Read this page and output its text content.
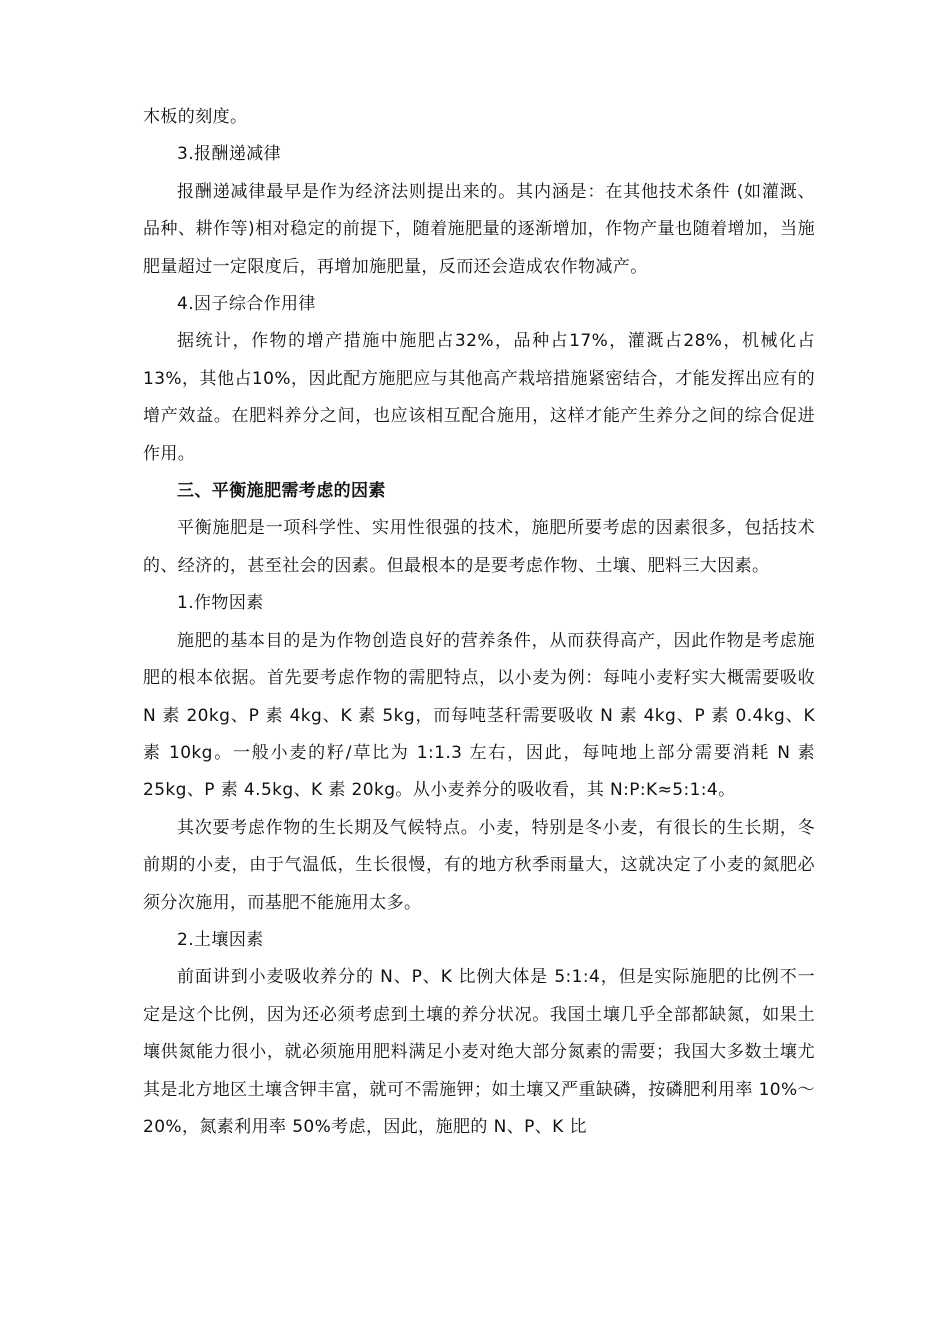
木板的刻度。

3.报酬递减律

报酬递减律最早是作为经济法则提出来的。其内涵是：在其他技术条件 (如灌溉、品种、耕作等)相对稳定的前提下，随着施肥量的逐渐增加，作物产量也随着增加，当施肥量超过一定限度后，再增加施肥量，反而还会造成农作物减产。

4.因子综合作用律

据统计，作物的增产措施中施肥占32%，品种占17%，灌溉占28%，机械化占13%，其他占10%，因此配方施肥应与其他高产栽培措施紧密结合，才能发挥出应有的增产效益。在肥料养分之间，也应该相互配合施用，这样才能产生养分之间的综合促进作用。

三、平衡施肥需考虑的因素

平衡施肥是一项科学性、实用性很强的技术，施肥所要考虑的因素很多，包括技术的、经济的，甚至社会的因素。但最根本的是要考虑作物、土壤、肥料三大因素。

1.作物因素

施肥的基本目的是为作物创造良好的营养条件，从而获得高产，因此作物是考虑施肥的根本依据。首先要考虑作物的需肥特点，以小麦为例：每吨小麦籽实大概需要吸收 N 素 20kg、P 素 4kg、K 素 5kg，而每吨茎秆需要吸收 N 素 4kg、P 素 0.4kg、K 素 10kg。一般小麦的籽/草比为 1:1.3 左右，因此，每吨地上部分需要消耗 N 素 25kg、P 素 4.5kg、K 素 20kg。从小麦养分的吸收看，其 N:P:K≈5:1:4。

其次要考虑作物的生长期及气候特点。小麦，特别是冬小麦，有很长的生长期，冬前期的小麦，由于气温低，生长很慢，有的地方秋季雨量大，这就决定了小麦的氮肥必须分次施用，而基肥不能施用太多。

2.土壤因素

前面讲到小麦吸收养分的 N、P、K 比例大体是 5:1:4，但是实际施肥的比例不一定是这个比例，因为还必须考虑到土壤的养分状况。我国土壤几乎全部都缺氮，如果土壤供氮能力很小，就必须施用肥料满足小麦对绝大部分氮素的需要；我国大多数土壤尤其是北方地区土壤含钾丰富，就可不需施钾；如土壤又严重缺磷，按磷肥利用率 10%～20%，氮素利用率 50%考虑，因此，施肥的 N、P、K 比
